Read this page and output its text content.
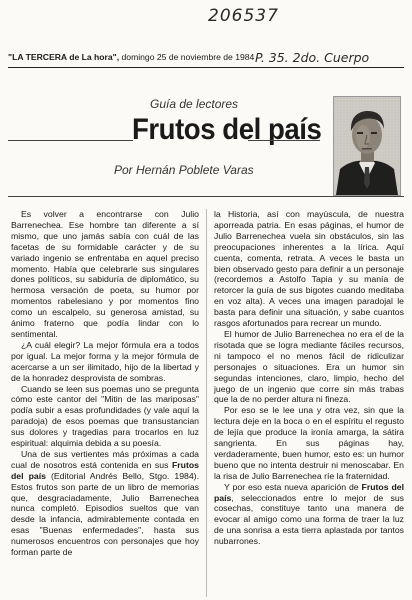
206537
P. 35. 2do. Cuerpo
"LA TERCERA de La hora", domingo 25 de noviembre de 1984
Guía de lectores
Frutos del país
Por Hernán Poblete Varas

Es volver a encontrarse con Julio Barrenechea. Ese hombre tan diferente a sí mismo, que uno jamás sabía con cuál de las facetas de su formidable carácter y de su variado ingenio se enfrentaba en aquel preciso momento. Había que celebrarle sus singulares dones políticos, su sabiduría de diplomático, su hermosa versación de poeta, su humor por momentos rabelesiano y por momentos fino como un escalpelo, su generosa amistad, su ánimo fraterno que podía lindar con lo sentimental.

¿A cuál elegir? La mejor fórmula era a todos por igual. La mejor forma y la mejor fórmula de acercarse a un ser ilimitado, hijo de la libertad y de la honradez desprovista de sombras.

Cuando se leen sus poemas uno se pregunta cómo este cantor del "Mitin de las mariposas" podía subir a esas profundidades (y vale aquí la paradoja) de esos poemas que transustancian sus dolores y tragedias para trocarlos en luz espiritual: alquimia debida a su poesía.

Una de sus vertientes más próximas a cada cual de nosotros está contenida en sus Frutos del país (Editorial Andrés Bello, Stgo. 1984). Estos frutos son parte de un libro de memorias que, desgraciadamente, Julio Barrenechea nunca completó. Episodios sueltos que van desde la infancia, admirablemente contada en esas "Buenas enfermedades", hasta sus numerosos encuentros con personajes que hoy forman parte de

la Historia, así con mayúscula, de nuestra aporreada patria. En esas páginas, el humor de Julio Barrenechea vuela sin obstáculos, sin las preocupaciones inherentes a la lírica. Aquí cuenta, comenta, retrata. A veces le basta un bien observado gesto para definir a un personaje (recordemos a Astolfo Tapia y su manía de retorcer la guía de sus bigotes cuando meditaba en voz alta). A veces una imagen paradojal le basta para definir una situación, y sabe cuantos rasgos afortunados para recrear un mundo.

El humor de Julio Barrenechea no era el de la risotada que se logra mediante fáciles recursos, ni tampoco el no menos fácil de ridiculizar personajes o situaciones. Era un humor sin segundas intenciones, claro, limpio, hecho del juego de un ingenio que corre sin más trabas que la de no perder altura ni fineza.

Por eso se le lee una y otra vez, sin que la lectura deje en la boca o en el espíritu el regusto de lejía que produce la ironía amarga, la sátira sangrienta. En sus páginas hay, verdaderamente, buen humor, esto es: un humor bueno que no intenta destruir ni menoscabar. En la risa de Julio Barrenechea ríe la fraternidad.

Y por eso esta nueva aparición de Frutos del país, seleccionados entre lo mejor de sus cosechas, constituye tanto una manera de evocar al amigo como una forma de traer la luz de una sonrisa a esta tierra aplastada por tantos nubarrones.
